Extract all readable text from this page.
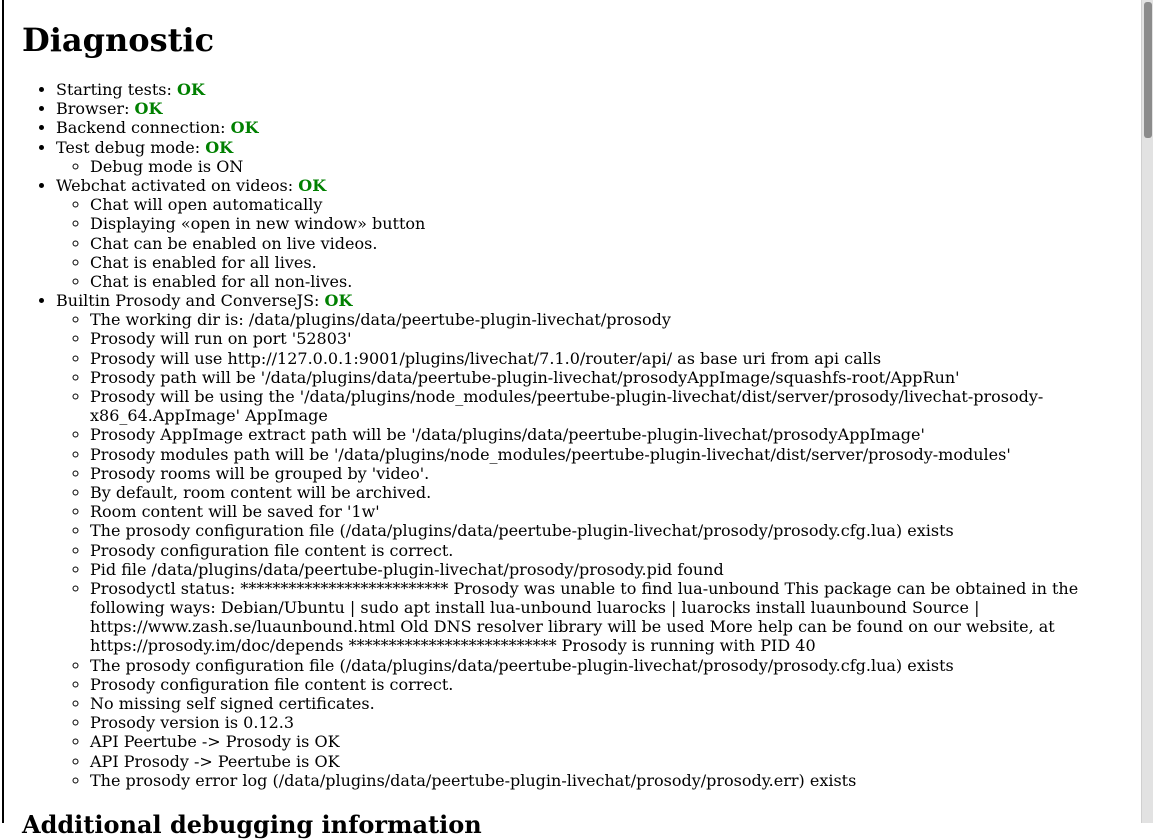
Diagnostic
• Starting tests: OK
• Browser: OK
• Backend connection: OK
• Test debug mode: OK
◦ Debug mode is ON
• Webchat activated on videos: OK
◦ Chat will open automatically
◦ Displaying «open in new window» button
◦ Chat can be enabled on live videos.
◦ Chat is enabled for all lives.
◦ Chat is enabled for all non-lives.
• Builtin Prosody and ConverseJS: OK
◦ The working dir is: /data/plugins/data/peertube-plugin-livechat/prosody
◦ Prosody will run on port '52803'
◦ Prosody will use http://127.0.0.1:9001/plugins/livechat/7.1.0/router/api/ as base uri from api calls
◦ Prosody path will be '/data/plugins/data/peertube-plugin-livechat/prosodyAppImage/squashfs-root/AppRun'
◦ Prosody will be using the '/data/plugins/node_modules/peertube-plugin-livechat/dist/server/prosody/livechat-prosody-x86_64.AppImage' AppImage
◦ Prosody AppImage extract path will be '/data/plugins/data/peertube-plugin-livechat/prosodyAppImage'
◦ Prosody modules path will be '/data/plugins/node_modules/peertube-plugin-livechat/dist/server/prosody-modules'
◦ Prosody rooms will be grouped by 'video'.
◦ By default, room content will be archived.
◦ Room content will be saved for '1w'
◦ The prosody configuration file (/data/plugins/data/peertube-plugin-livechat/prosody/prosody.cfg.lua) exists
◦ Prosody configuration file content is correct.
◦ Pid file /data/plugins/data/peertube-plugin-livechat/prosody/prosody.pid found
◦ Prosodyctl status: ************************** Prosody was unable to find lua-unbound This package can be obtained in the following ways: Debian/Ubuntu | sudo apt install lua-unbound luarocks | luarocks install luaunbound Source | https://www.zash.se/luaunbound.html Old DNS resolver library will be used More help can be found on our website, at https://prosody.im/doc/depends ************************** Prosody is running with PID 40
◦ The prosody configuration file (/data/plugins/data/peertube-plugin-livechat/prosody/prosody.cfg.lua) exists
◦ Prosody configuration file content is correct.
◦ No missing self signed certificates.
◦ Prosody version is 0.12.3
◦ API Peertube -> Prosody is OK
◦ API Prosody -> Peertube is OK
◦ The prosody error log (/data/plugins/data/peertube-plugin-livechat/prosody/prosody.err) exists
Additional debugging information
